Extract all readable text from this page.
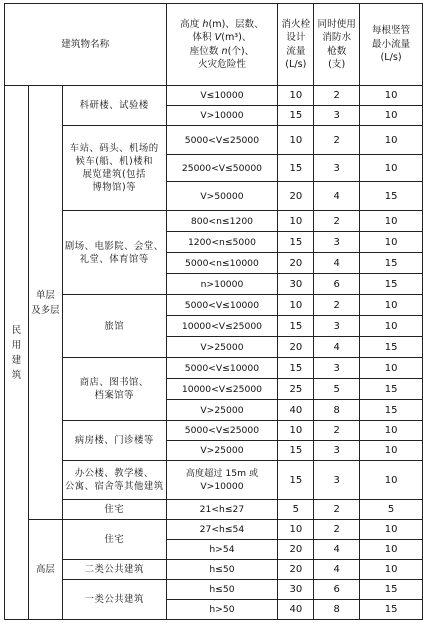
建筑物名称			高度 h(m)、层数、
体积 V(m³)、
座位数 n(个)、
火灾危险性	消火栓
设计
流量
(L/s)	同时使用
消防水
枪数
(支)	每根竖管
最小流量
(L/s)
民用建筑	单层
及多层	科研楼、试验楼	V≤10000	10	2	10
			V>10000	15	3	10
		车站、码头、机场的
候车(船、机)楼和
展览建筑(包括
博物馆)等	5000<V≤25000	10	2	10
			25000<V≤50000	15	3	10
			V>50000	20	4	15
		剧场、电影院、会堂、
礼堂、体育馆等	800<n≤1200	10	2	10
			1200<n≤5000	15	3	10
			5000<n≤10000	20	4	15
			n>10000	30	6	15
		旅馆	5000<V≤10000	10	2	10
			10000<V≤25000	15	3	10
			V>25000	20	4	15
		商店、图书馆、
档案馆等	5000<V≤10000	15	3	10
			10000<V≤25000	25	5	15
			V>25000	40	8	15
		病房楼、门诊楼等	5000<V≤25000	10	2	10
			V>25000	15	3	10
		办公楼、教学楼、
公寓、宿舍等其他建筑	高度超过 15m 或
V>10000	15	3	10
		住宅	21<h≤27	5	2	5
	高层	住宅	27<h≤54	10	2	10
			h>54	20	4	10
		二类公共建筑	h≤50	20	4	10
		一类公共建筑	h≤50	30	6	15
			h>50	40	8	15
